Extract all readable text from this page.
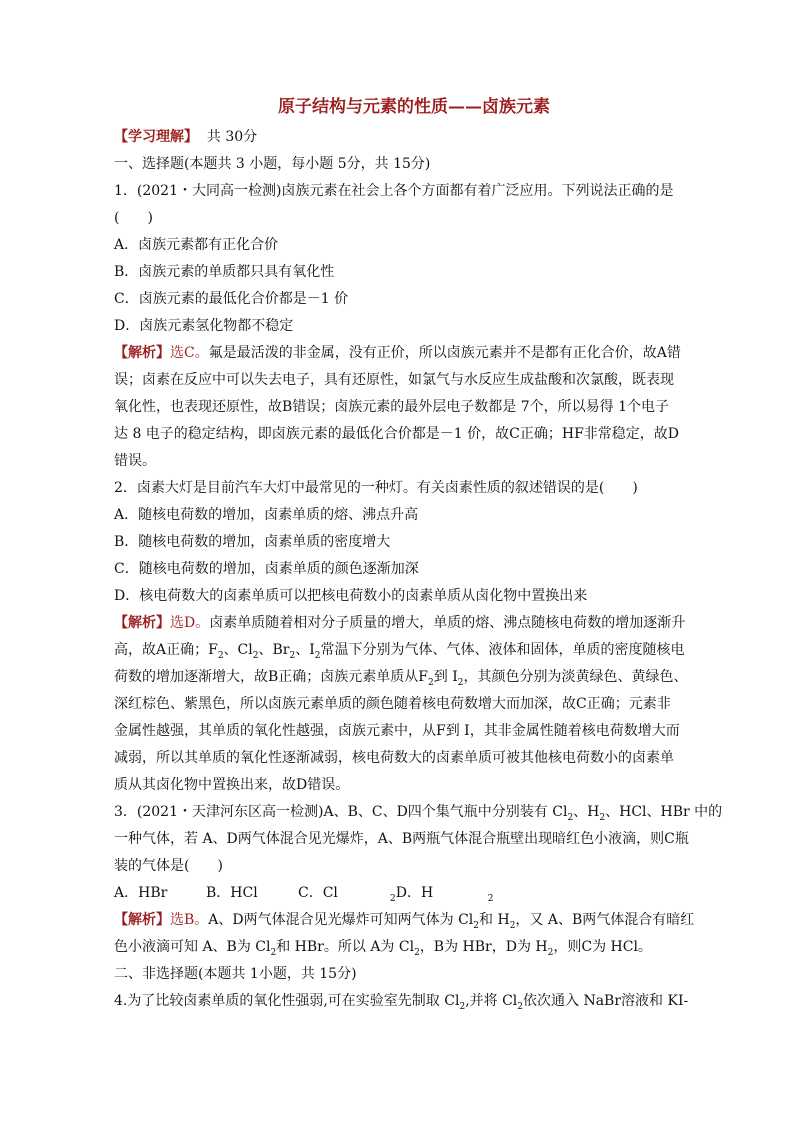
原子结构与元素的性质——卤族元素
【学习理解】 共 30分
一、选择题(本题共 3 小题，每小题 5分，共 15分)
1．(2021・大同高一检测)卤族元素在社会上各个方面都有着广泛应用。下列说法正确的是
(　　)
A．卤族元素都有正化合价
B．卤族元素的单质都只具有氧化性
C．卤族元素的最低化合价都是－1 价
D．卤族元素氢化物都不稳定
【解析】选C。氟是最活泼的非金属，没有正价，所以卤族元素并不是都有正化合价，故A错
误；卤素在反应中可以失去电子，具有还原性，如氯气与水反应生成盐酸和次氯酸，既表现
氧化性，也表现还原性，故B错误；卤族元素的最外层电子数都是 7个，所以易得 1个电子
达 8 电子的稳定结构，即卤族元素的最低化合价都是－1 价，故C正确；HF非常稳定，故D
错误。
2．卤素大灯是目前汽车大灯中最常见的一种灯。有关卤素性质的叙述错误的是(　　)
A．随核电荷数的增加，卤素单质的熔、沸点升高
B．随核电荷数的增加，卤素单质的密度增大
C．随核电荷数的增加，卤素单质的颜色逐渐加深
D．核电荷数大的卤素单质可以把核电荷数小的卤素单质从卤化物中置换出来
【解析】选D。卤素单质随着相对分子质量的增大，单质的熔、沸点随核电荷数的增加逐渐升
高，故A正确；$F_2$、$Cl_2$、$Br_2$、$I_2$常温下分别为气体、气体、液体和固体，单质的密度随核电
荷数的增加逐渐增大，故B正确；卤族元素单质从$F_2$到 $I_2$，其颜色分别为淡黄绿色、黄绿色、
深红棕色、紫黑色，所以卤族元素单质的颜色随着核电荷数增大而加深，故C正确；元素非
金属性越强，其单质的氧化性越强，卤族元素中，从F到 I，其非金属性随着核电荷数增大而
减弱，所以其单质的氧化性逐渐减弱，核电荷数大的卤素单质可被其他核电荷数小的卤素单
质从其卤化物中置换出来，故D错误。
3．(2021・天津河东区高一检测)A、B、C、D四个集气瓶中分别装有 $Cl_2$、$H_2$、HCl、HBr 中的
一种气体，若 A、D两气体混合见光爆炸，A、B两瓶气体混合瓶壁出现暗红色小液滴，则C瓶
装的气体是(　　)
A．HBr	B．HCl	C．Cl	$_2$D．H	$_2$
【解析】选B。A、D两气体混合见光爆炸可知两气体为 $Cl_2$和 $H_2$，又 A、B两气体混合有暗红
色小液滴可知 A、B为 $Cl_2$和 HBr。所以 A为 $Cl_2$，B为 HBr，D为 $H_2$，则C为 HCl。
二、非选择题(本题共 1小题，共 15分)
4.为了比较卤素单质的氧化性强弱,可在实验室先制取 $Cl_2$,并将 $Cl_2$依次通入 NaBr溶液和 KI-
